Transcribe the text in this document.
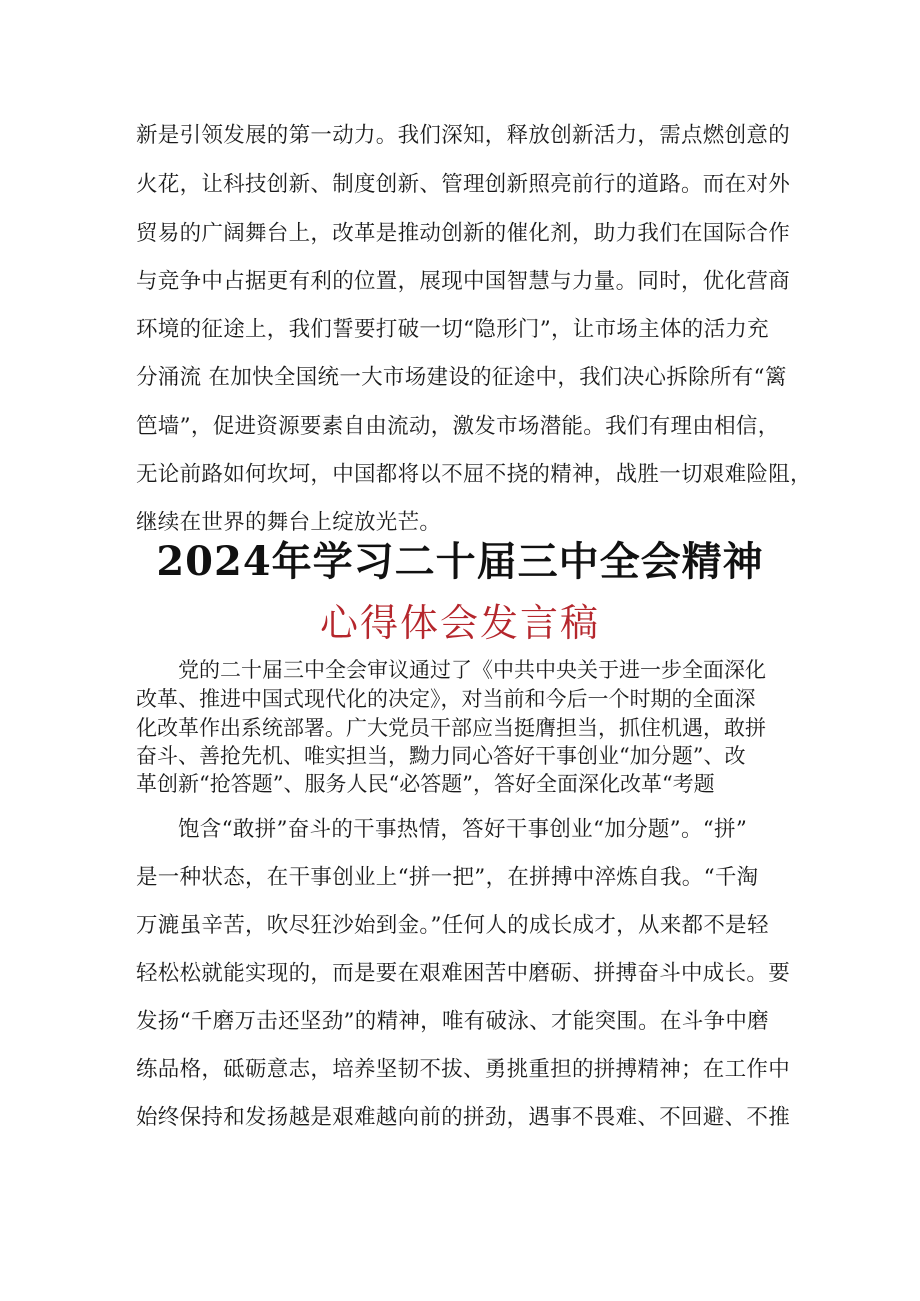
新是引领发展的第一动力。我们深知，释放创新活力，需点燃创意的
火花，让科技创新、制度创新、管理创新照亮前行的道路。而在对外
贸易的广阔舞台上，改革是推动创新的催化剂，助力我们在国际合作
与竞争中占据更有利的位置，展现中国智慧与力量。同时，优化营商
环境的征途上，我们誓要打破一切“隐形门”，让市场主体的活力充
分涌流 在加快全国统一大市场建设的征途中，我们决心拆除所有“篱
笆墙”，促进资源要素自由流动，激发市场潜能。我们有理由相信，
无论前路如何坎坷，中国都将以不屈不挠的精神，战胜一切艰难险阻，
继续在世界的舞台上绽放光芒。
2024年学习二十届三中全会精神
心得体会发言稿
党的二十届三中全会审议通过了《中共中央关于进一步全面深化
改革、推进中国式现代化的决定》，对当前和今后一个时期的全面深
化改革作出系统部署。广大党员干部应当挺膺担当，抓住机遇，敢拼
奋斗、善抢先机、唯实担当，黝力同心答好干事创业“加分题”、改
革创新“抢答题”、服务人民“必答题”，答好全面深化改革“考题
饱含“敢拼”奋斗的干事热情，答好干事创业“加分题”。“拼”
是一种状态，在干事创业上“拼一把”，在拼搏中淬炼自我。“千淘
万漉虽辛苦，吹尽狂沙始到金。”任何人的成长成才，从来都不是轻
轻松松就能实现的，而是要在艰难困苦中磨砺、拼搏奋斗中成长。要
发扬“千磨万击还坚劲”的精神，唯有破泳、才能突围。在斗争中磨
练品格，砥砺意志，培养坚韧不拔、勇挑重担的拼搏精神；在工作中
始终保持和发扬越是艰难越向前的拼劲，遇事不畏难、不回避、不推
